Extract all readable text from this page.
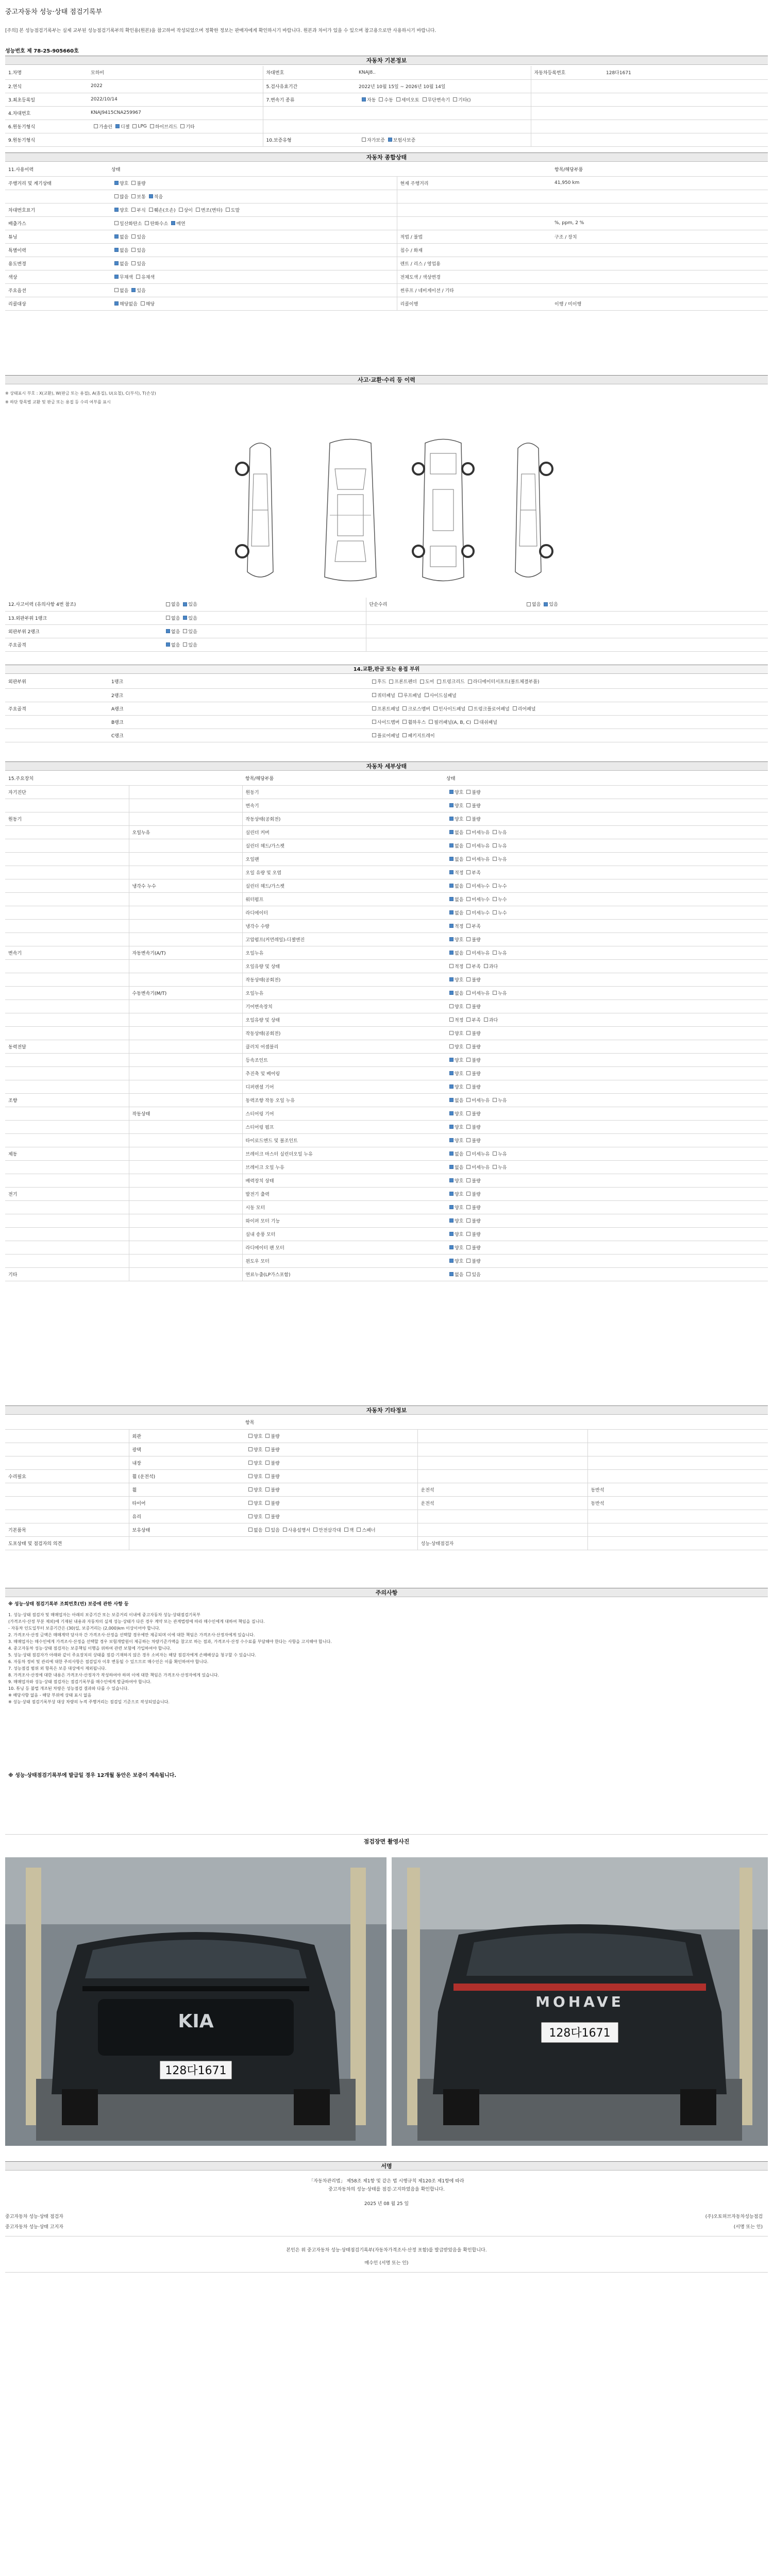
중고자동차 성능·상태 점검기록부
[주의] 본 성능점검기록부는 실제 교부된 성능점검기록부의 확인용(원본)을 참고하여 작성되었으며 정확한 정보는 판매자에게 확인하시기 바랍니다. 원본과 차이가 있을 수 있으며 참고용으로만 사용하시기 바랍니다.
성능번호 제 78-25-905660호
자동차 기본정보
1.차명	모하비	차대번호	KNAJ8..	자동차등록번호	128다1671
2.연식	2022	5.검사유효기간	2022년 10월 15일 ~ 2026년 10월 14일		
3.최초등록일	2022/10/14	7.변속기 종류	자동 수동 세미오토 무단변속기 기타()		
4.차대번호	KNAJ9415CNA259967				
6.원동기형식	가솔린 디젤 LPG 하이브리드 기타				
9.원동기형식		10.보증유형	자가보증 보험사보증		
자동차 종합상태
11.사용이력	상태		항목/해당부품
주행거리 및 계기상태	양호 불량	현재 주행거리	41,950 km
	많음 보통 적음		
차대번호표기	양호 부식 훼손(오손) 상이 변조(변타) 도말		
배출가스	일산화탄소 탄화수소 매연		%, ppm, 2 %
튜닝	없음 있음	적법 / 불법	구조 / 장치
특별이력	없음 있음	침수 / 화재	
용도변경	없음 있음	렌트 / 리스 / 영업용	
색상	무채색 유채색	전체도색 / 색상변경	
주요옵션	없음 있음	썬루프 / 네비게이션 / 기타	
리콜대상	해당없음 해당	리콜이행	이행 / 미이행
사고·교환·수리 등 이력
※ 상태표시 부호 : X(교환), W(판금 또는 용접), A(흠집), U(요철), C(부식), T(손상)
※ 하단 항목별 교환 및 판금 또는 용접 등 수리 여부를 표시
12.사고이력 (유의사항 4번 참조)	없음 있음	단순수리	없음 있음
13.외판부위 1랭크	없음 있음		
외판부위 2랭크	없음 있음		
주요골격	없음 있음		
14.교환,판금 또는 용접 부위
외판부위	1랭크	후드 프론트펜더 도어 트렁크리드 라디에이터서포트(볼트체결부품)
	2랭크	쿼터패널 루프패널 사이드실패널
주요골격	A랭크	프론트패널 크로스멤버 인사이드패널 트렁크플로어패널 리어패널
	B랭크	사이드멤버 휠하우스 필러패널(A, B, C) 대쉬패널
	C랭크	플로어패널 패키지트레이
자동차 세부상태
15.주요장치		항목/해당부품	상태
자기진단		원동기	양호 불량
		변속기	양호 불량
원동기		작동상태(공회전)	양호 불량
	오일누유	실린더 커버	없음 미세누유 누유
		실린더 헤드/가스켓	없음 미세누유 누유
		오일팬	없음 미세누유 누유
		오일 유량 및 오염	적정 부족
	냉각수 누수	실린더 헤드/가스켓	없음 미세누수 누수
		워터펌프	없음 미세누수 누수
		라디에이터	없음 미세누수 누수
		냉각수 수량	적정 부족
		고압펌프(커먼레일)-디젤엔진	양호 불량
변속기	자동변속기(A/T)	오일누유	없음 미세누유 누유
		오일유량 및 상태	적정 부족 과다
		작동상태(공회전)	양호 불량
	수동변속기(M/T)	오일누유	없음 미세누유 누유
		기어변속장치	양호 불량
		오일유량 및 상태	적정 부족 과다
		작동상태(공회전)	양호 불량
동력전달		클러치 어셈블리	양호 불량
		등속조인트	양호 불량
		추진축 및 베어링	양호 불량
		디퍼렌셜 기어	양호 불량
조향		동력조향 작동 오일 누유	없음 미세누유 누유
	작동상태	스티어링 기어	양호 불량
		스티어링 펌프	양호 불량
		타이로드엔드 및 볼조인트	양호 불량
제동		브레이크 마스터 실린더오일 누유	없음 미세누유 누유
		브레이크 오일 누유	없음 미세누유 누유
		배력장치 상태	양호 불량
전기		발전기 출력	양호 불량
		시동 모터	양호 불량
		와이퍼 모터 기능	양호 불량
		실내 송풍 모터	양호 불량
		라디에이터 팬 모터	양호 불량
		윈도우 모터	양호 불량
기타		연료누출(LP가스포함)	없음 있음
자동차 기타정보
		항목		
	외관	양호 불량		
	광택	양호 불량		
	내장	양호 불량		
수리필요	휠 (운전석)	양호 불량		
	휠	양호 불량	운전석	동반석
	타이어	양호 불량	운전석	동반석
	유리	양호 불량		
기본품목	보유상태	없음 있음 사용설명서 안전삼각대 잭 스패너		
도포상태 및 점검자의 의견			성능·상태점검자	
주의사항
※ 성능·상태 점검기록부 조회번호(번) 보증에 관한 사항 등
1. 성능·상태 점검자 및 매매업자는 아래의 보증기간 또는 보증거리 이내에 중고자동차 성능·상태점검기록부
(가격조사·산정 부분 제외)에 기재된 내용과 자동차의 실제 성능·상태가 다른 경우 계약 또는 관계법령에 따라 매수인에게 대하여 책임을 집니다.
- 자동차 인도일부터 보증기간은 (30)일, 보증거리는 (2,000)km 이상이어야 합니다.
2. 가격조사·산정 금액은 매매계약 당사자 간 가격조사·산정을 선택할 경우에만 제공되며 이에 대한 책임은 가격조사·산정자에게 있습니다.
3. 매매업자는 매수인에게 가격조사·산정을 선택할 경우 보험개발원이 제공하는 차량기준가액을 참고로 하는 점과, 가격조사·산정 수수료를 부담해야 한다는 사항을 고지해야 합니다.
4. 중고자동차 성능·상태 점검자는 보증책임 이행을 위하여 관련 보험에 가입하여야 합니다.
5. 성능·상태 점검자가 아래와 같이 주요장치의 상태를 점검·기재하지 않은 경우 소비자는 해당 점검자에게 손해배상을 청구할 수 있습니다.
6. 자동차 정비 및 관리에 대한 주의사항은 점검일자 이후 변동될 수 있으므로 매수인은 이를 확인하여야 합니다.
7. 성능점검 범위 외 항목은 보증 대상에서 제외됩니다.
8. 가격조사·산정에 대한 내용은 가격조사·산정자가 작성하여야 하며 이에 대한 책임은 가격조사·산정자에게 있습니다.
9. 매매업자와 성능·상태 점검자는 점검기록부를 매수인에게 발급하여야 합니다.
10. 튜닝 등 불법 개조된 차량은 성능점검 결과와 다를 수 있습니다.
※ 해당사항 없음 - 해당 부위에 상태 표시 없음
※ 성능·상태 점검기록부상 대상 차량의 누적 주행거리는 점검일 기준으로 작성되었습니다.
※ 성능·상태점검기록부에 발급일 경우 12개월 동안은 보증이 계속됩니다.
점검장면 촬영사진
KIA
128다1671
MOHAVE
128다1671
서명
「자동차관리법」 제58조 제1항 및 같은 법 시행규칙 제120조 제1항에 따라
중고자동차의 성능·상태를 점검·고지하였음을 확인합니다.
2025 년 08 월 25 일
중고자동차 성능·상태 점검자	(주)오토허브자동차성능점검
중고자동차 성능·상태 고지자	(서명 또는 인)
본인은 위 중고자동차 성능·상태점검기록부(자동차가격조사·산정 포함)를 발급받았음을 확인합니다.
매수인 (서명 또는 인)
